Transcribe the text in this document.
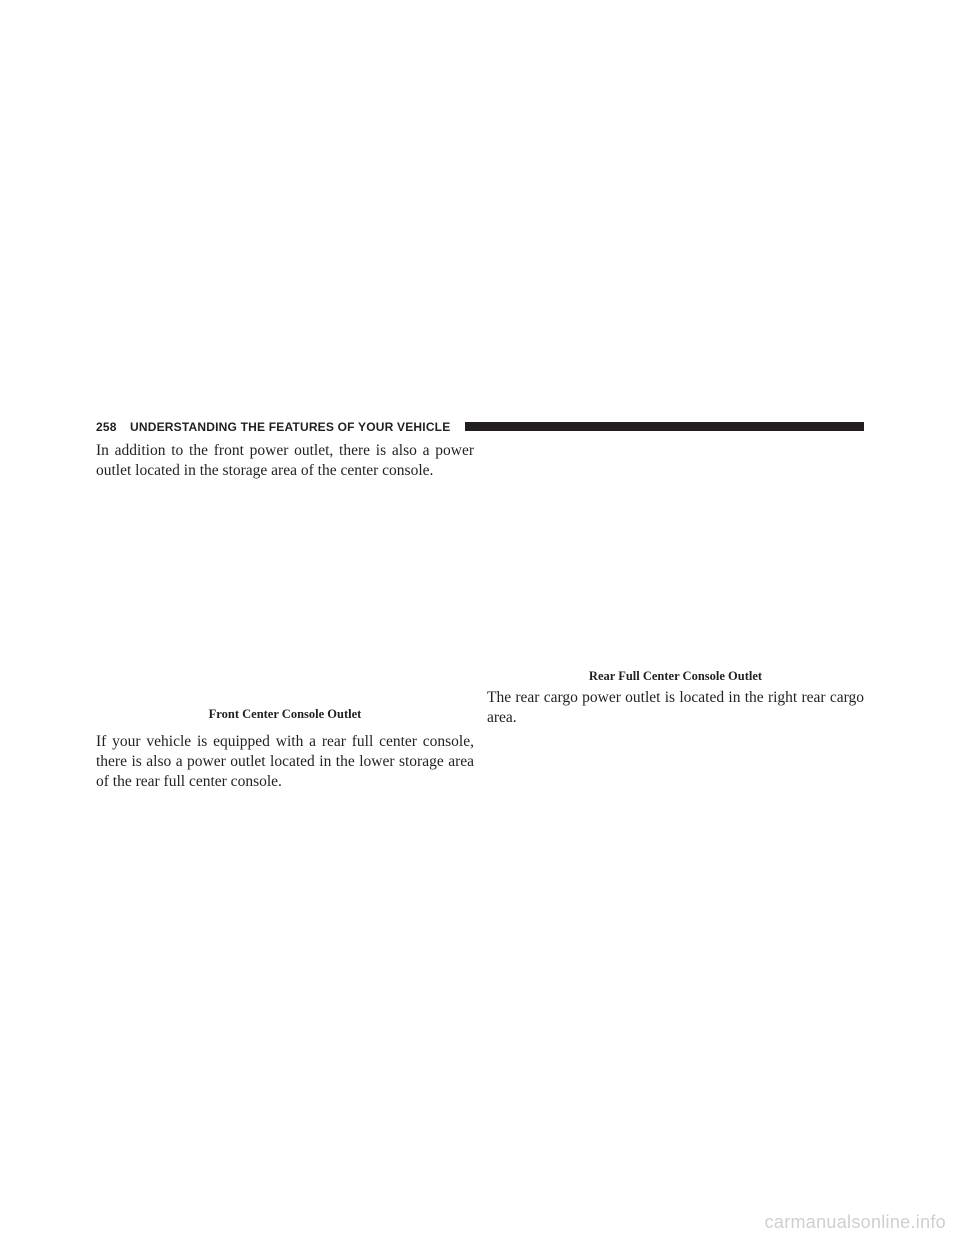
258 UNDERSTANDING THE FEATURES OF YOUR VEHICLE

In addition to the front power outlet, there is also a power outlet located in the storage area of the center console.

Front Center Console Outlet

If your vehicle is equipped with a rear full center console, there is also a power outlet located in the lower storage area of the rear full center console.

Rear Full Center Console Outlet

The rear cargo power outlet is located in the right rear cargo area.

carmanualsonline.info
